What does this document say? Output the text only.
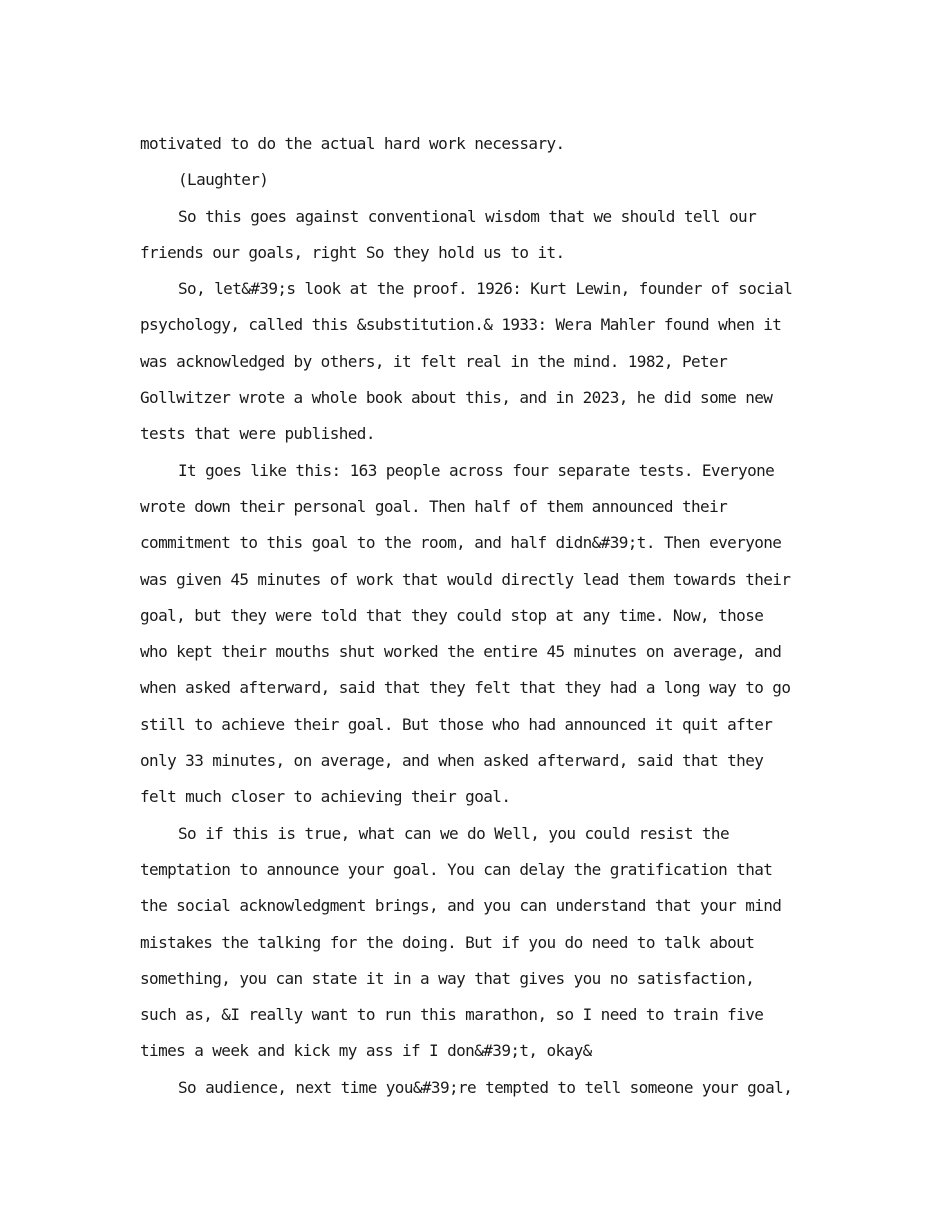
motivated to do the actual hard work necessary.
(Laughter)
So this goes against conventional wisdom that we should tell our
friends our goals, right So they hold us to it.
So, let&#39;s look at the proof. 1926: Kurt Lewin, founder of social
psychology, called this &substitution.& 1933: Wera Mahler found when it
was acknowledged by others, it felt real in the mind. 1982, Peter
Gollwitzer wrote a whole book about this, and in 2023, he did some new
tests that were published.
It goes like this: 163 people across four separate tests. Everyone
wrote down their personal goal. Then half of them announced their
commitment to this goal to the room, and half didn&#39;t. Then everyone
was given 45 minutes of work that would directly lead them towards their
goal, but they were told that they could stop at any time. Now, those
who kept their mouths shut worked the entire 45 minutes on average, and
when asked afterward, said that they felt that they had a long way to go
still to achieve their goal. But those who had announced it quit after
only 33 minutes, on average, and when asked afterward, said that they
felt much closer to achieving their goal.
So if this is true, what can we do Well, you could resist the
temptation to announce your goal. You can delay the gratification that
the social acknowledgment brings, and you can understand that your mind
mistakes the talking for the doing. But if you do need to talk about
something, you can state it in a way that gives you no satisfaction,
such as, &I really want to run this marathon, so I need to train five
times a week and kick my ass if I don&#39;t, okay&
So audience, next time you&#39;re tempted to tell someone your goal,
